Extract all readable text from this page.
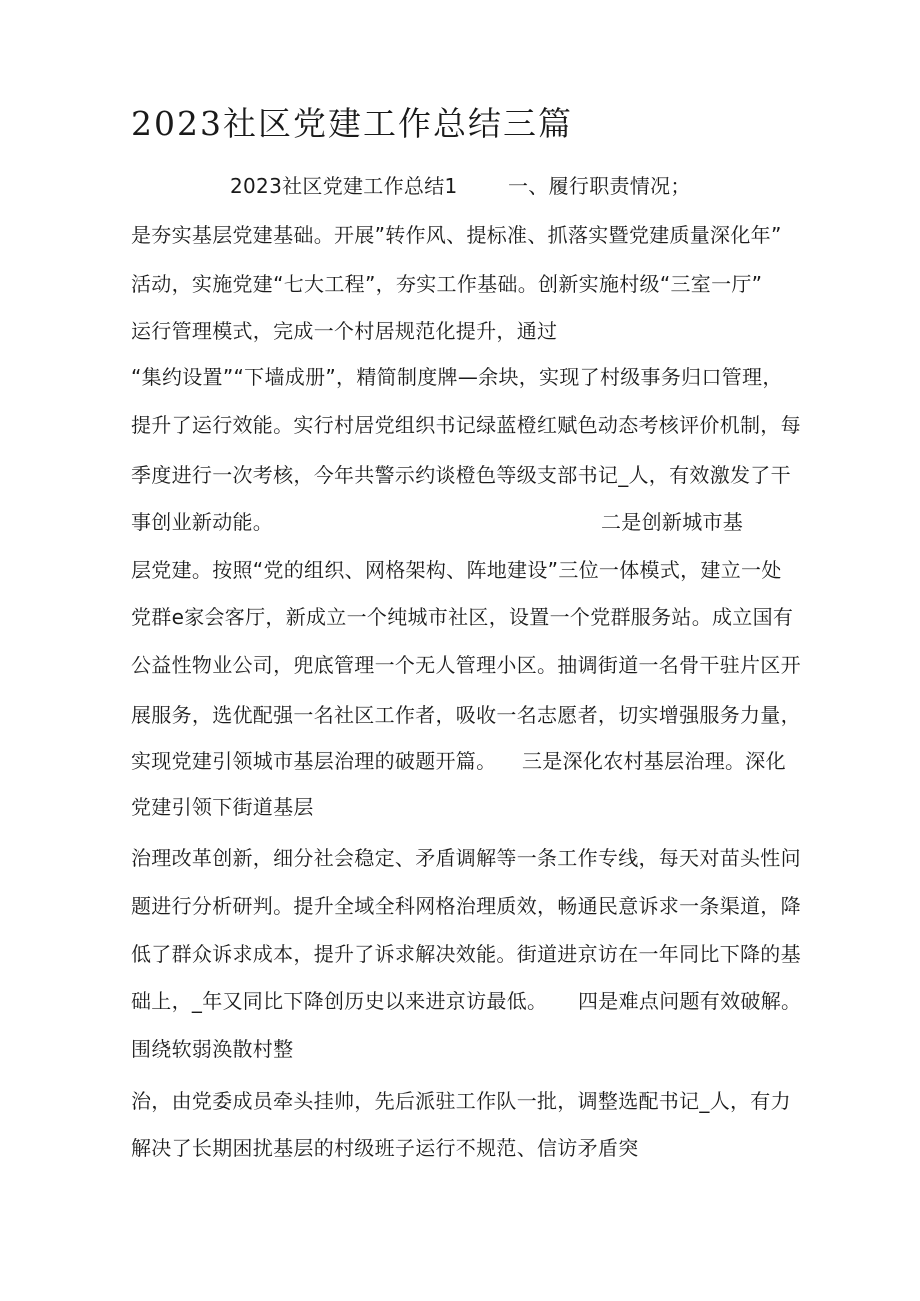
2023社区党建工作总结三篇
2023社区党建工作总结1	一、履行职责情况；
是夯实基层党建基础。开展”转作风、提标准、抓落实暨党建质量深化年”
活动，实施党建“七大工程”，夯实工作基础。创新实施村级“三室一厅”
运行管理模式，完成一个村居规范化提升，通过
“集约设置”“下墙成册”，精简制度牌—余块，实现了村级事务归口管理，
提升了运行效能。实行村居党组织书记绿蓝橙红赋色动态考核评价机制，每
季度进行一次考核，今年共警示约谈橙色等级支部书记_人，有效激发了干
事创业新动能。	二是创新城市基
层党建。按照“党的组织、网格架构、阵地建设”三位一体模式，建立一处
党群e家会客厅，新成立一个纯城市社区，设置一个党群服务站。成立国有
公益性物业公司，兜底管理一个无人管理小区。抽调街道一名骨干驻片区开
展服务，选优配强一名社区工作者，吸收一名志愿者，切实增强服务力量，
实现党建引领城市基层治理的破题开篇。 三是深化农村基层治理。深化
党建引领下街道基层
治理改革创新，细分社会稳定、矛盾调解等一条工作专线，每天对苗头性问
题进行分析研判。提升全域全科网格治理质效，畅通民意诉求一条渠道，降
低了群众诉求成本，提升了诉求解决效能。街道进京访在一年同比下降的基
础上，_年又同比下降创历史以来进京访最低。 四是难点问题有效破解。
围绕软弱涣散村整
治，由党委成员牵头挂帅，先后派驻工作队一批，调整选配书记_人，有力
解决了长期困扰基层的村级班子运行不规范、信访矛盾突
